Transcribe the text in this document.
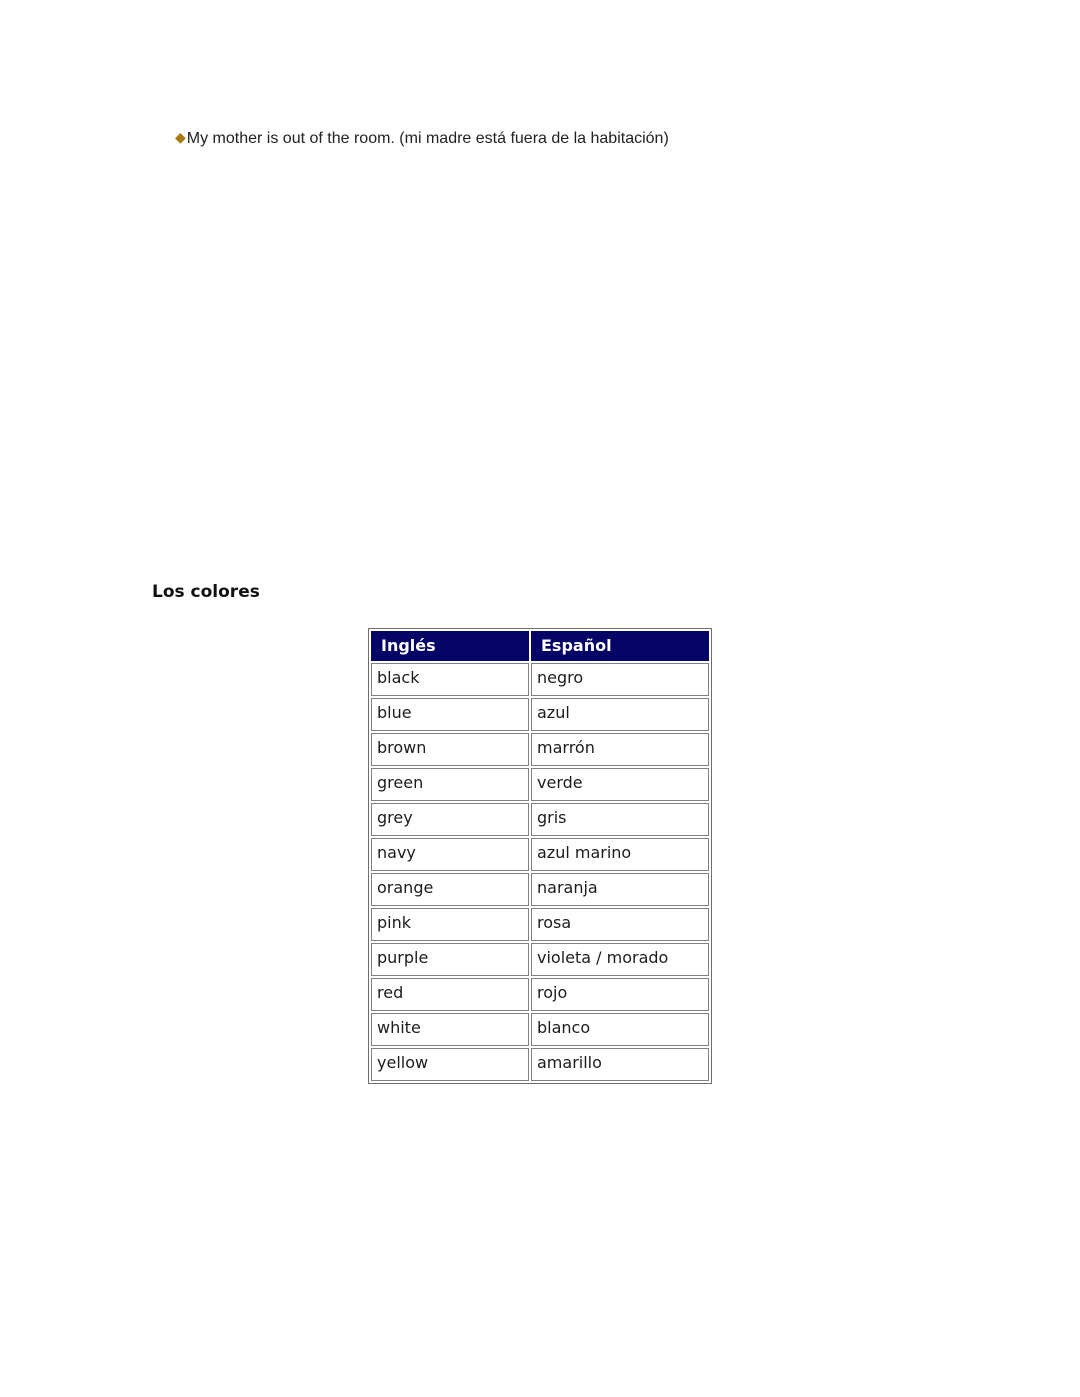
◆My mother is out of the room. (mi madre está fuera de la habitación)
Los colores
Inglés	Español
black	negro
blue	azul
brown	marrón
green	verde
grey	gris
navy	azul marino
orange	naranja
pink	rosa
purple	violeta / morado
red	rojo
white	blanco
yellow	amarillo
